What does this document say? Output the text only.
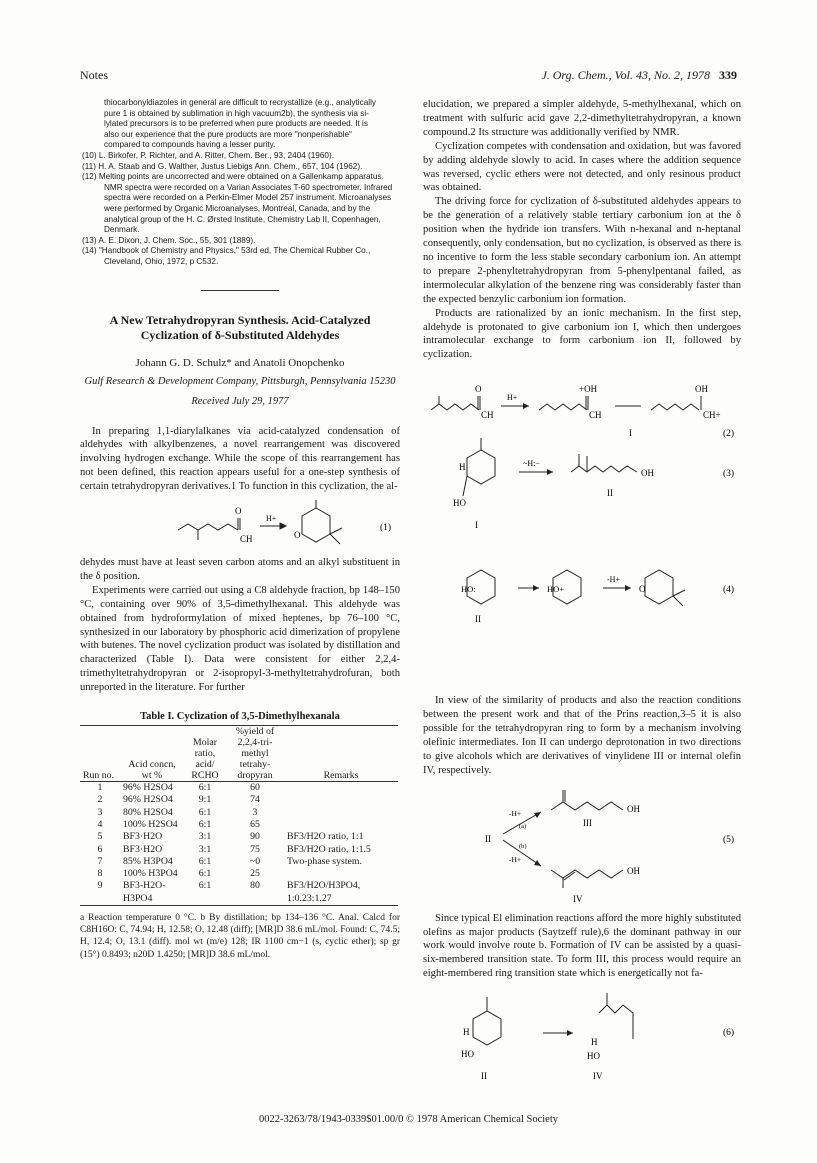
Notes	J. Org. Chem., Vol. 43, No. 2, 1978 339

thiocarbonyldiazoles in general are difficult to recrystallize (e.g., analytically

pure 1 is obtained by sublimation in high vacuum2b), the synthesis via si-

lylated precursors is to be preferred when pure products are needed. It is

also our experience that the pure products are more "nonperishable"

compared to compounds having a lesser purity.

(10) L. Birkofer, P. Richter, and A. Ritter, Chem. Ber., 93, 2404 (1960).

(11) H. A. Staab and G. Walther, Justus Liebigs Ann. Chem., 657, 104 (1962).

(12) Melting points are uncorrected and were obtained on a Gallenkamp apparatus. NMR spectra were recorded on a Varian Associates T-60 spectrometer. Infrared spectra were recorded on a Perkin-Elmer Model 257 instrument. Microanalyses were performed by Organic Microanalyses, Montreal, Canada, and by the analytical group of the H. C. Ørsted Institute, Chemistry Lab II, Copenhagen, Denmark.

(13) A. E. Dixon, J. Chem. Soc., 55, 301 (1889).

(14) "Handbook of Chemistry and Physics," 53rd ed, The Chemical Rubber Co., Cleveland, Ohio, 1972, p C532.

A New Tetrahydropyran Synthesis. Acid-Catalyzed Cyclization of δ-Substituted Aldehydes
Johann G. D. Schulz* and Anatoli Onopchenko
Gulf Research & Development Company, Pittsburgh, Pennsylvania 15230
Received July 29, 1977

In preparing 1,1-diarylalkanes via acid-catalyzed condensation of aldehydes with alkylbenzenes, a novel rearrangement was discovered involving hydrogen exchange. While the scope of this rearrangement has not been defined, this reaction appears useful for a one-step synthesis of certain tetrahydropyran derivatives.1 To function in this cyclization, the al-

O
CH
H+
O
(1)

dehydes must have at least seven carbon atoms and an alkyl substituent in the δ position.

Experiments were carried out using a C8 aldehyde fraction, bp 148–150 °C, containing over 90% of 3,5-dimethylhexanal. This aldehyde was obtained from hydroformylation of mixed heptenes, bp 76–100 °C, synthesized in our laboratory by phosphoric acid dimerization of propylene with butenes. The novel cyclization product was isolated by distillation and characterized (Table I). Data were consistent for either 2,2,4-trimethyltetrahydropyran or 2-isopropyl-3-methyltetrahydrofuran, both unreported in the literature. For further

Table I. Cyclization of 3,5-Dimethylhexanala
Run no.	Acid concn, wt %	Molar ratio, acid/ RCHO	%yield of 2,2,4-tri- methyl tetrahy- dropyran	Remarks
1	96% H2SO4	6:1	60	
2	96% H2SO4	9:1	74	
3	80% H2SO4	6:1	3	
4	100% H2SO4	6:1	65	
5	BF3·H2O	3:1	90	BF3/H2O ratio, 1:1
6	BF3·H2O	3:1	75	BF3/H2O ratio, 1:1.5
7	85% H3PO4	6:1	~0	Two-phase system.
8	100% H3PO4	6:1	25	
9	BF3-H2O-H3PO4	6:1	80	BF3/H2O/H3PO4, 1:0.23:1.27
a Reaction temperature 0 °C. b By distillation; bp 134–136 °C. Anal. Calcd for C8H16O: C, 74.94; H, 12.58; O, 12.48 (diff); [MR]D 38.6 mL/mol. Found: C, 74.5; H, 12.4; O, 13.1 (diff). mol wt (m/e) 128; IR 1100 cm−1 (s, cyclic ether); sp gr (15°) 0.8493; n20D 1.4250; [MR]D 38.6 mL/mol.

elucidation, we prepared a simpler aldehyde, 5-methylhexanal, which on treatment with sulfuric acid gave 2,2-dimethyltetrahydropyran, a known compound.2 Its structure was additionally verified by NMR.

Cyclization competes with condensation and oxidation, but was favored by adding aldehyde slowly to acid. In cases where the addition sequence was reversed, cyclic ethers were not detected, and only resinous product was obtained.

The driving force for cyclization of δ-substituted aldehydes appears to be the generation of a relatively stable tertiary carbonium ion at the δ position when the hydride ion transfers. With n-hexanal and n-heptanal consequently, only condensation, but no cyclization, is observed as there is no incentive to form the less stable secondary carbonium ion. An attempt to prepare 2-phenyltetrahydropyran from 5-phenylpentanal failed, as intermolecular alkylation of the benzene ring was considerably faster than the expected benzylic carbonium ion formation.

Products are rationalized by an ionic mechanism. In the first step, aldehyde is protonated to give carbonium ion I, which then undergoes intramolecular exchange to form carbonium ion II, followed by cyclization.

O
CH
H+
+OH
CH
OH
CH+
I	(2)
H
HO
~H:−
OH
II
I
(3)
HO:	HO+
-H+
O
II
(4)

In view of the similarity of products and also the reaction conditions between the present work and that of the Prins reaction,3–5 it is also possible for the tetrahydropyran ring to form by a mechanism involving olefinic intermediates. Ion II can undergo deprotonation in two directions to give alcohols which are derivatives of vinylidene III or internal olefin IV, respectively.

II
-H+
(a)
(b)
-H+
OH
III
OH
IV
(5)

Since typical El elimination reactions afford the more highly substituted olefins as major products (Saytzeff rule),6 the dominant pathway in our work would involve route b. Formation of IV can be assisted by a quasi-six-membered transition state. To form III, this process would require an eight-membered ring transition state which is energetically not fa-

H
HO
II
H
HO
IV
(6)
0022-3263/78/1943-0339$01.00/0 © 1978 American Chemical Society
